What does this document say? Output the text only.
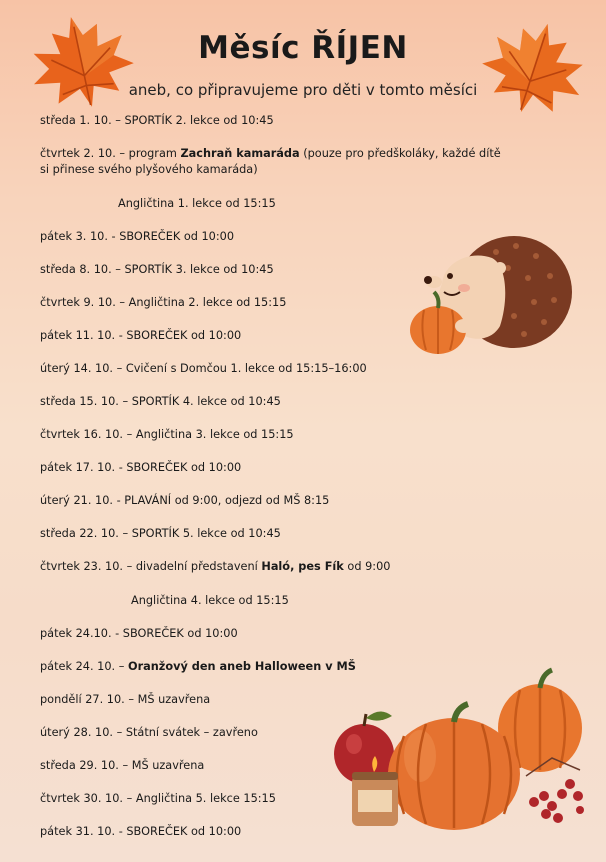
Měsíc ŘÍJEN
aneb, co připravujeme pro děti v tomto měsíci
středa 1. 10. – SPORTÍK 2. lekce od 10:45
čtvrtek 2. 10. – program Zachraň kamaráda (pouze pro předškoláky, každé dítě si přinese svého plyšového kamaráda)
Angličtina 1. lekce od 15:15
pátek 3. 10. - SBOREČEK od 10:00
středa 8. 10. – SPORTÍK 3. lekce od 10:45
čtvrtek 9. 10. – Angličtina 2. lekce od 15:15
pátek 11. 10. - SBOREČEK od 10:00
úterý 14. 10. – Cvičení s Domčou 1. lekce od 15:15–16:00
středa 15. 10. – SPORTÍK 4. lekce od 10:45
čtvrtek 16. 10. – Angličtina 3. lekce od 15:15
pátek 17. 10. - SBOREČEK od 10:00
úterý 21. 10. - PLAVÁNÍ od 9:00, odjezd od MŠ 8:15
středa 22. 10. – SPORTÍK 5. lekce od 10:45
čtvrtek 23. 10. – divadelní představení Haló, pes Fík od 9:00
Angličtina 4. lekce od 15:15
pátek 24.10. - SBOREČEK od 10:00
pátek 24. 10. – Oranžový den aneb Halloween v MŠ
pondělí 27. 10. – MŠ uzavřena
úterý 28. 10. – Státní svátek – zavřeno
středa 29. 10. – MŠ uzavřena
čtvrtek 30. 10. – Angličtina 5. lekce 15:15
pátek 31. 10. - SBOREČEK od 10:00
